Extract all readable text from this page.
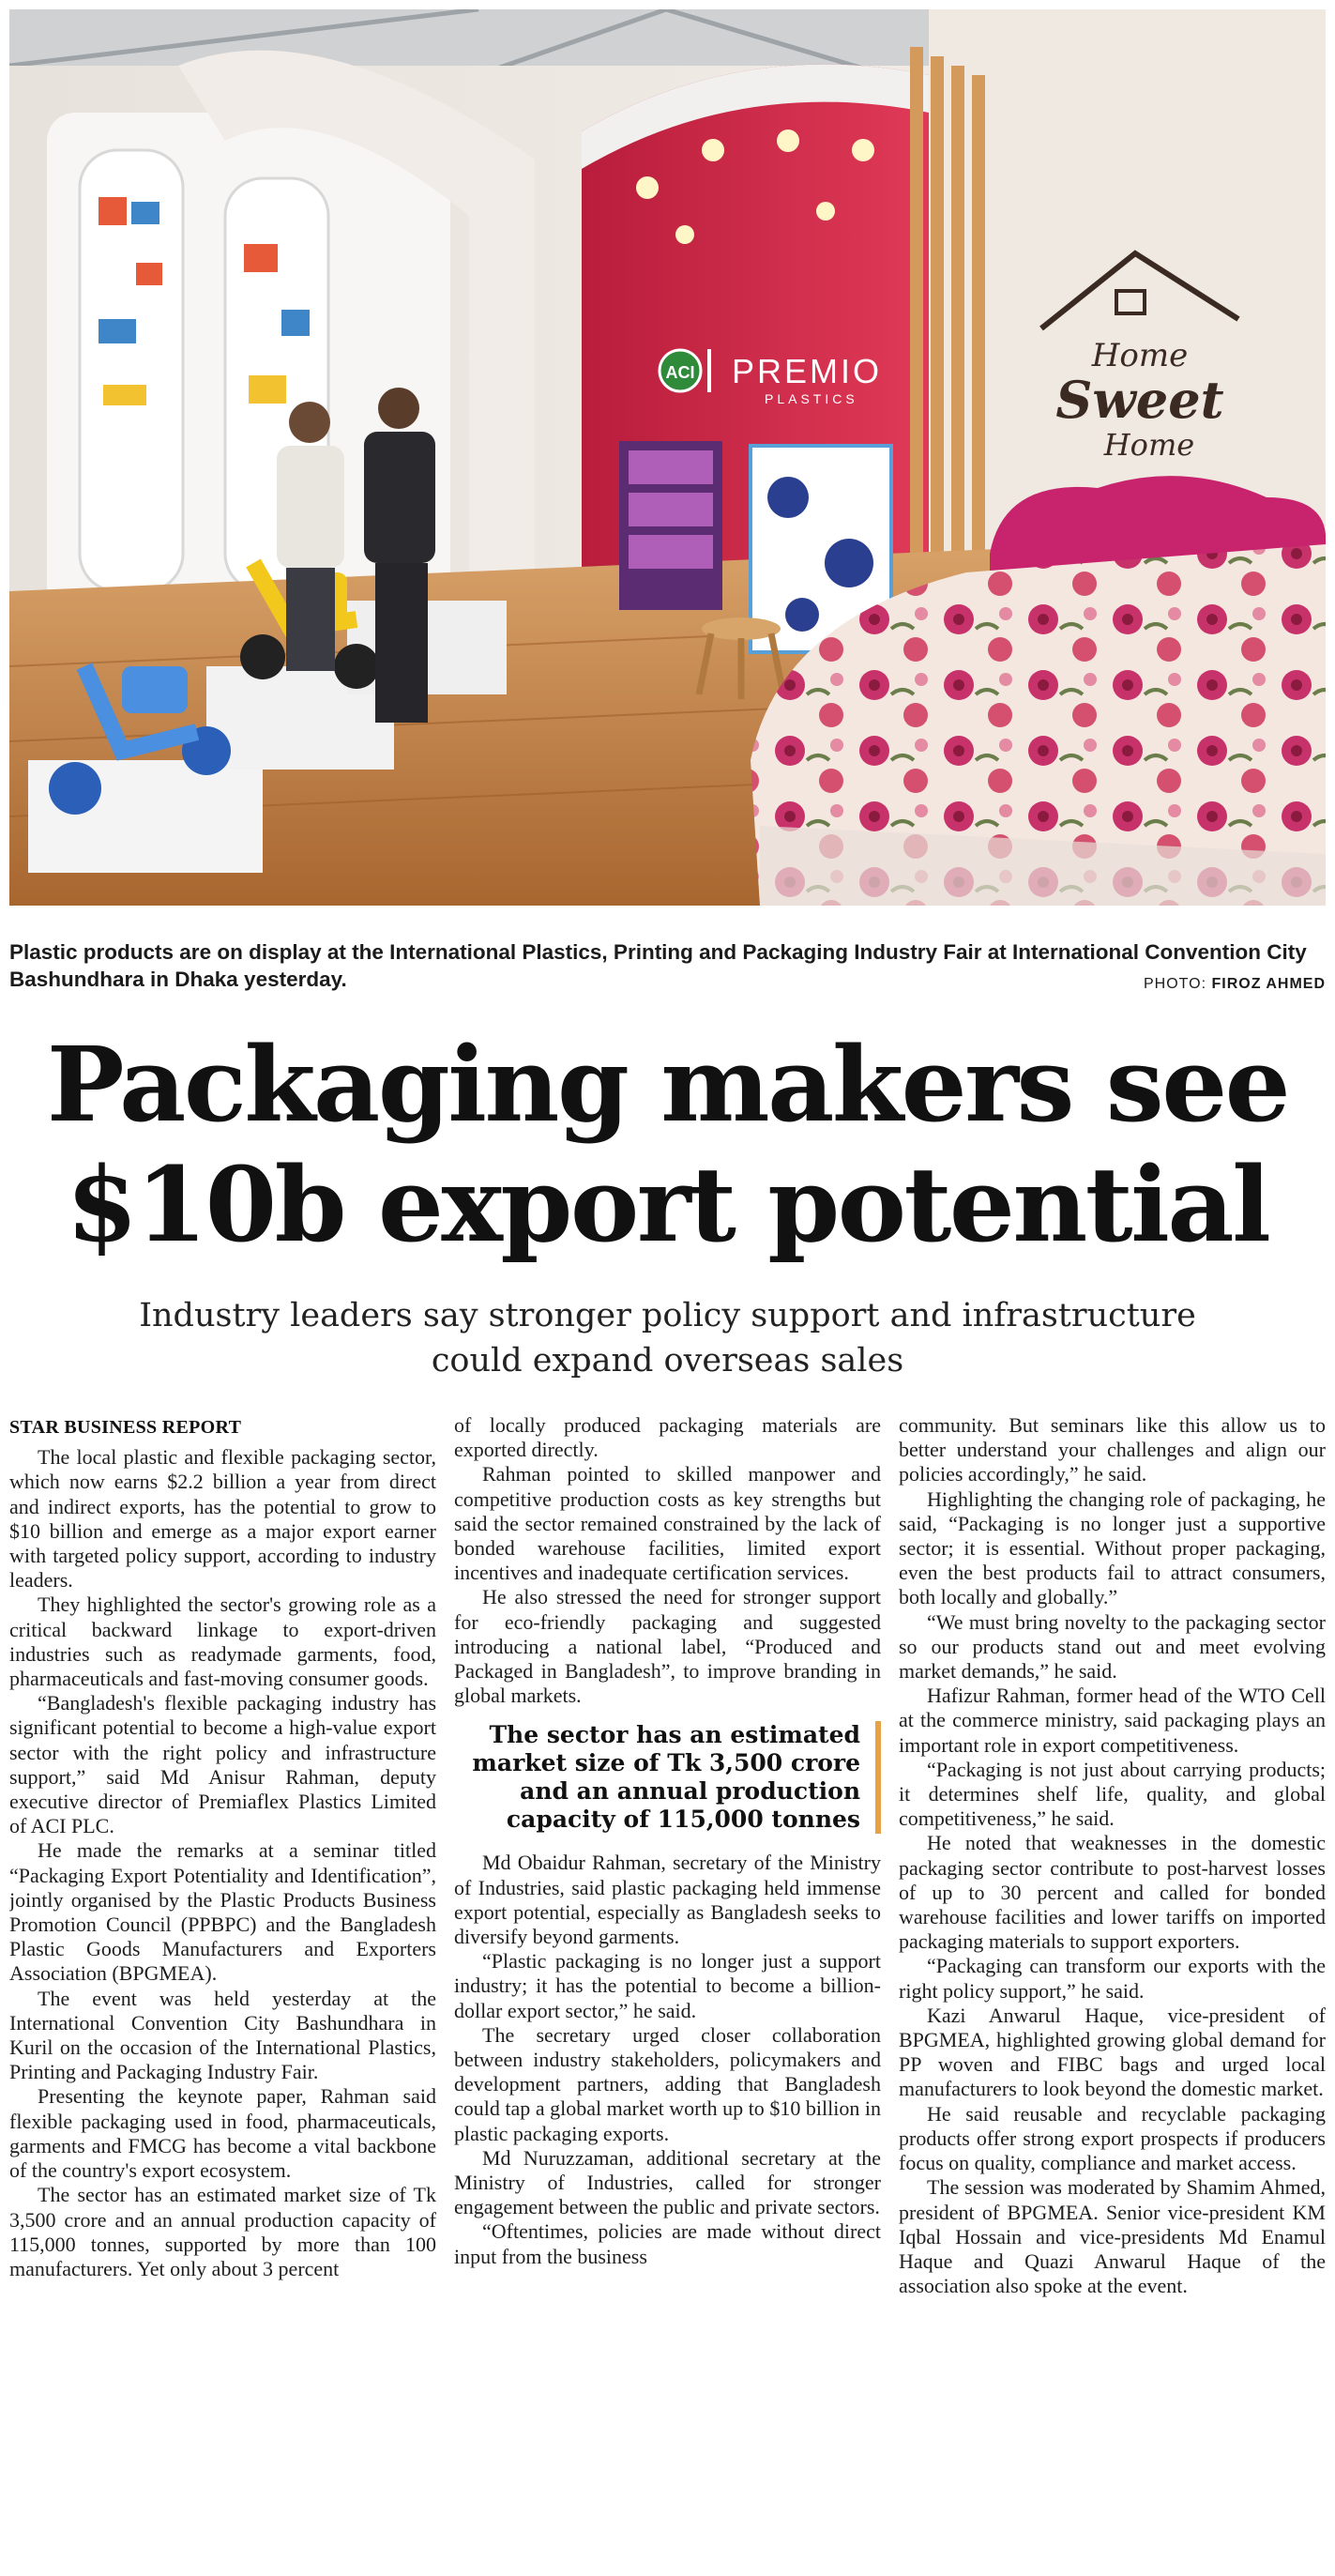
ACI PREMIO
PLASTICS
Home
Sweet
Home
Plastic products are on display at the International Plastics, Printing and Packaging Industry Fair at International Convention City Bashundhara in Dhaka yesterday.	PHOTO: FIROZ AHMED
Packaging makers see
$10b export potential
Industry leaders say stronger policy support and infrastructure
could expand overseas sales
STAR BUSINESS REPORT

The local plastic and flexible packaging sector, which now earns $2.2 billion a year from direct and indirect exports, has the potential to grow to $10 billion and emerge as a major export earner with targeted policy support, according to industry leaders.

They highlighted the sector's growing role as a critical backward linkage to export-driven industries such as readymade garments, food, pharmaceuticals and fast-moving consumer goods.

“Bangladesh's flexible packaging industry has significant potential to become a high-value export sector with the right policy and infrastructure support,” said Md Anisur Rahman, deputy executive director of Premiaflex Plastics Limited of ACI PLC.

He made the remarks at a seminar titled “Packaging Export Potentiality and Identification”, jointly organised by the Plastic Products Business Promotion Council (PPBPC) and the Bangladesh Plastic Goods Manufacturers and Exporters Association (BPGMEA).

The event was held yesterday at the International Convention City Bashundhara in Kuril on the occasion of the International Plastics, Printing and Packaging Industry Fair.

Presenting the keynote paper, Rahman said flexible packaging used in food, pharmaceuticals, garments and FMCG has become a vital backbone of the country's export ecosystem.

The sector has an estimated market size of Tk 3,500 crore and an annual production capacity of 115,000 tonnes, supported by more than 100 manufacturers. Yet only about 3 percent

of locally produced packaging materials are exported directly.

Rahman pointed to skilled manpower and competitive production costs as key strengths but said the sector remained constrained by the lack of bonded warehouse facilities, limited export incentives and inadequate certification services.

He also stressed the need for stronger support for eco-friendly packaging and suggested introducing a national label, “Produced and Packaged in Bangladesh”, to improve branding in global markets.

The sector has an estimated market size of Tk 3,500 crore and an annual production capacity of 115,000 tonnes

Md Obaidur Rahman, secretary of the Ministry of Industries, said plastic packaging held immense export potential, especially as Bangladesh seeks to diversify beyond garments.

“Plastic packaging is no longer just a support industry; it has the potential to become a billion-dollar export sector,” he said.

The secretary urged closer collaboration between industry stakeholders, policymakers and development partners, adding that Bangladesh could tap a global market worth up to $10 billion in plastic packaging exports.

Md Nuruzzaman, additional secretary at the Ministry of Industries, called for stronger engagement between the public and private sectors.

“Oftentimes, policies are made without direct input from the business

community. But seminars like this allow us to better understand your challenges and align our policies accordingly,” he said.

Highlighting the changing role of packaging, he said, “Packaging is no longer just a supportive sector; it is essential. Without proper packaging, even the best products fail to attract consumers, both locally and globally.”

“We must bring novelty to the packaging sector so our products stand out and meet evolving market demands,” he said.

Hafizur Rahman, former head of the WTO Cell at the commerce ministry, said packaging plays an important role in export competitiveness.

“Packaging is not just about carrying products; it determines shelf life, quality, and global competitiveness,” he said.

He noted that weaknesses in the domestic packaging sector contribute to post-harvest losses of up to 30 percent and called for bonded warehouse facilities and lower tariffs on imported packaging materials to support exporters.

“Packaging can transform our exports with the right policy support,” he said.

Kazi Anwarul Haque, vice-president of BPGMEA, highlighted growing global demand for PP woven and FIBC bags and urged local manufacturers to look beyond the domestic market.

He said reusable and recyclable packaging products offer strong export prospects if producers focus on quality, compliance and market access.

The session was moderated by Shamim Ahmed, president of BPGMEA. Senior vice-president KM Iqbal Hossain and vice-presidents Md Enamul Haque and Quazi Anwarul Haque of the association also spoke at the event.
